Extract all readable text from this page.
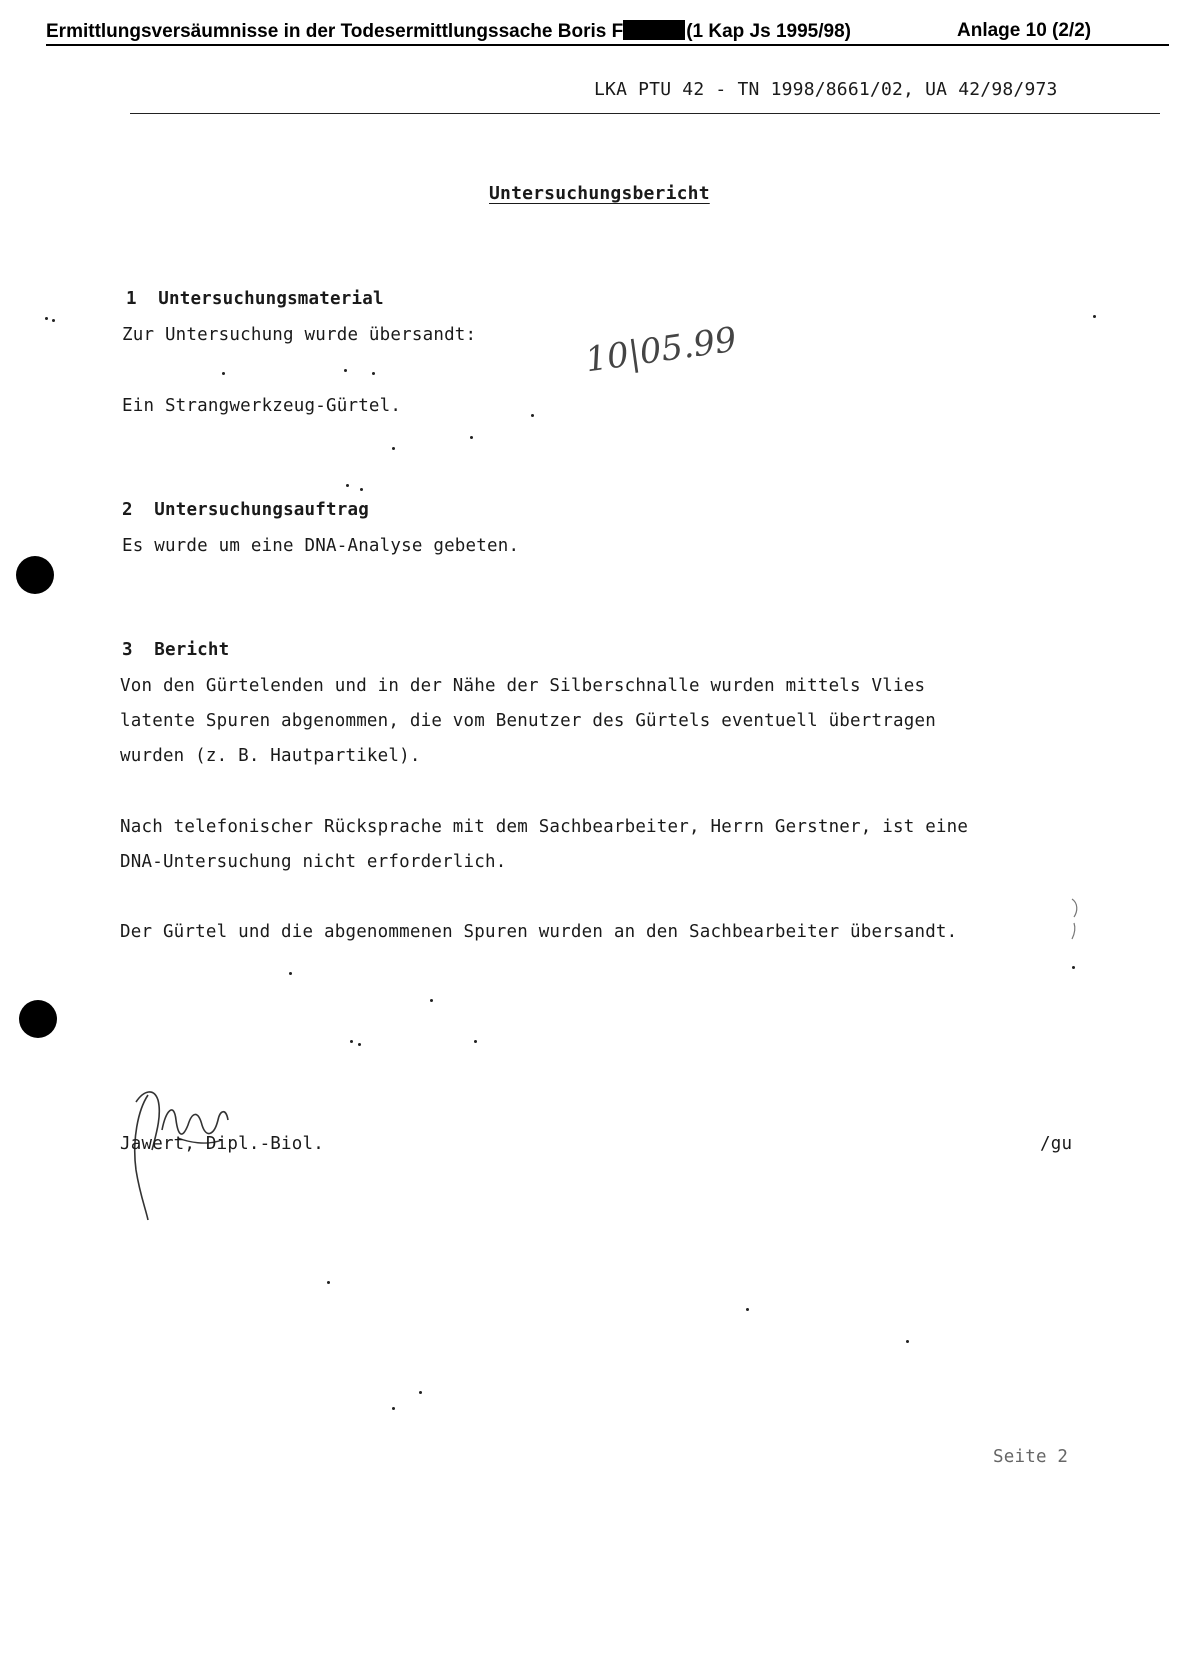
Ermittlungsversäumnisse in der Todesermittlungssache Boris F	(1 Kap Js 1995/98)	Anlage 10 (2/2)
LKA PTU 42 - TN 1998/8661/02, UA 42/98/973
Untersuchungsbericht
1 Untersuchungsmaterial
Zur Untersuchung wurde übersandt:	10|05.99
Ein Strangwerkzeug-Gürtel.
2 Untersuchungsauftrag
Es wurde um eine DNA-Analyse gebeten.
3 Bericht
Von den Gürtelenden und in der Nähe der Silberschnalle wurden mittels Vlies
latente Spuren abgenommen, die vom Benutzer des Gürtels eventuell übertragen
wurden (z. B. Hautpartikel).
Nach telefonischer Rücksprache mit dem Sachbearbeiter, Herrn Gerstner, ist eine
DNA-Untersuchung nicht erforderlich.
Der Gürtel und die abgenommenen Spuren wurden an den Sachbearbeiter übersandt.
Jawert, Dipl.-Biol.	/gu
Seite 2
